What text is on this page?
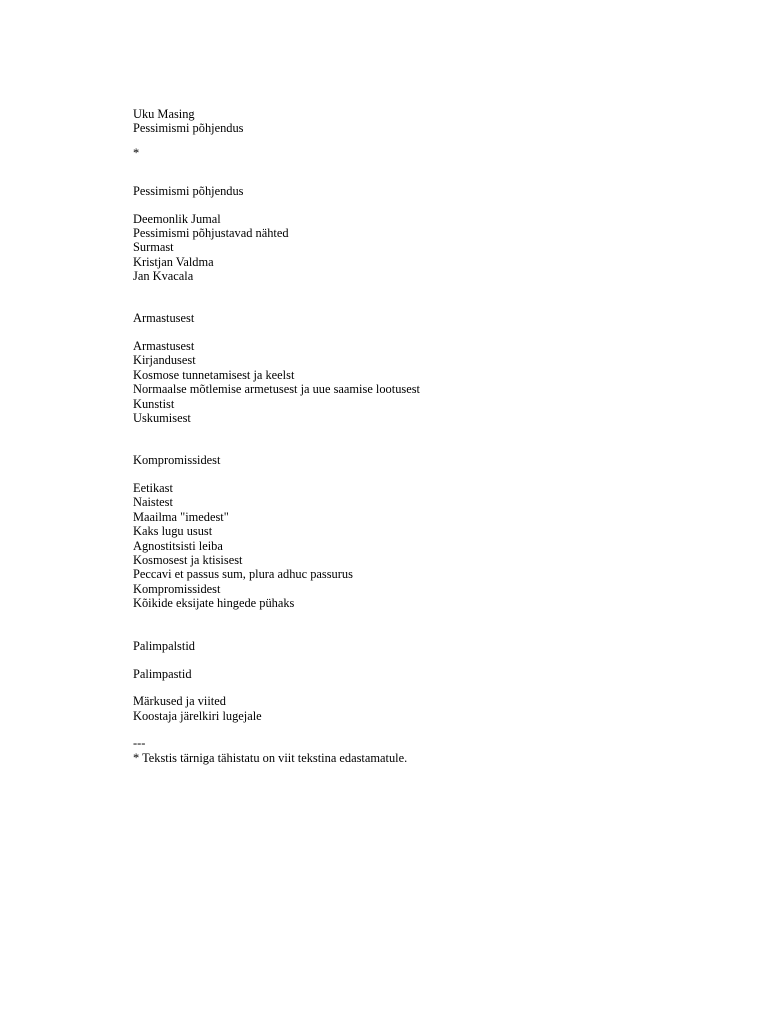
Uku Masing
Pessimismi põhjendus
*
Pessimismi põhjendus
Deemonlik Jumal
Pessimismi põhjustavad nähted
Surmast
Kristjan Valdma
Jan Kvacala
Armastusest
Armastusest
Kirjandusest
Kosmose tunnetamisest ja keelst
Normaalse mõtlemise armetusest ja uue saamise lootusest
Kunstist
Uskumisest
Kompromissidest
Eetikast
Naistest
Maailma "imedest"
Kaks lugu usust
Agnostitsisti leiba
Kosmosest ja ktisisest
Peccavi et passus sum, plura adhuc passurus
Kompromissidest
Kõikide eksijate hingede pühaks
Palimpalstid
Palimpastid
Märkused ja viited
Koostaja järelkiri lugejale
---
* Tekstis tärniga tähistatu on viit tekstina edastamatule.
